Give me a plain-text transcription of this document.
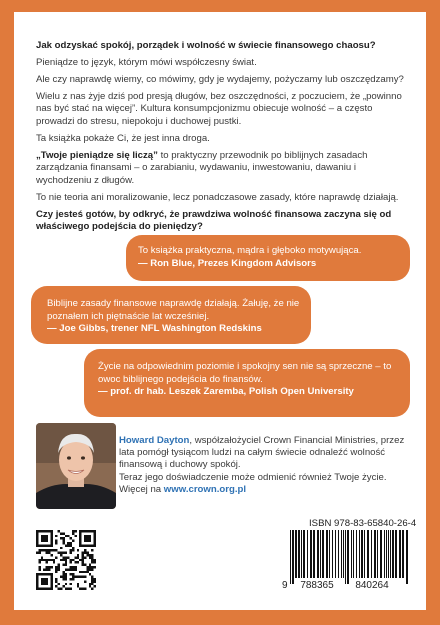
Jak odzyskać spokój, porządek i wolność w świecie finansowego chaosu?

Pieniądze to język, którym mówi współczesny świat.

Ale czy naprawdę wiemy, co mówimy, gdy je wydajemy, pożyczamy lub oszczędzamy?

Wielu z nas żyje dziś pod presją długów, bez oszczędności, z poczuciem, że „powinno nas być stać na więcej”. Kultura konsumpcjonizmu obiecuje wolność – a często prowadzi do stresu, niepokoju i duchowej pustki.

Ta książka pokaże Ci, że jest inna droga.

„Twoje pieniądze się liczą” to praktyczny przewodnik po biblijnych zasadach zarządzania finansami – o zarabianiu, wydawaniu, inwestowaniu, dawaniu i wychodzeniu z długów.

To nie teoria ani moralizowanie, lecz ponadczasowe zasady, które naprawdę działają.

Czy jesteś gotów, by odkryć, że prawdziwa wolność finansowa zaczyna się od właściwego podejścia do pieniędzy?

To książka praktyczna, mądra i głęboko motywująca.
— Ron Blue, Prezes Kingdom Advisors
Biblijne zasady finansowe naprawdę działają. Żałuję, że nie poznałem ich piętnaście lat wcześniej.
— Joe Gibbs, trener NFL Washington Redskins
Życie na odpowiednim poziomie i spokojny sen nie są sprzeczne – to owoc biblijnego podejścia do finansów.
— prof. dr hab. Leszek Zaremba, Polish Open University

Howard Dayton, współzałożyciel Crown Financial Ministries, przez lata pomógł tysiącom ludzi na całym świecie odnaleźć wolność finansową i duchowy spokój.

Teraz jego doświadczenie może odmienić również Twoje życie.

Więcej na www.crown.org.pl

ISBN 978-83-65840-26-4
9 788365 840264
